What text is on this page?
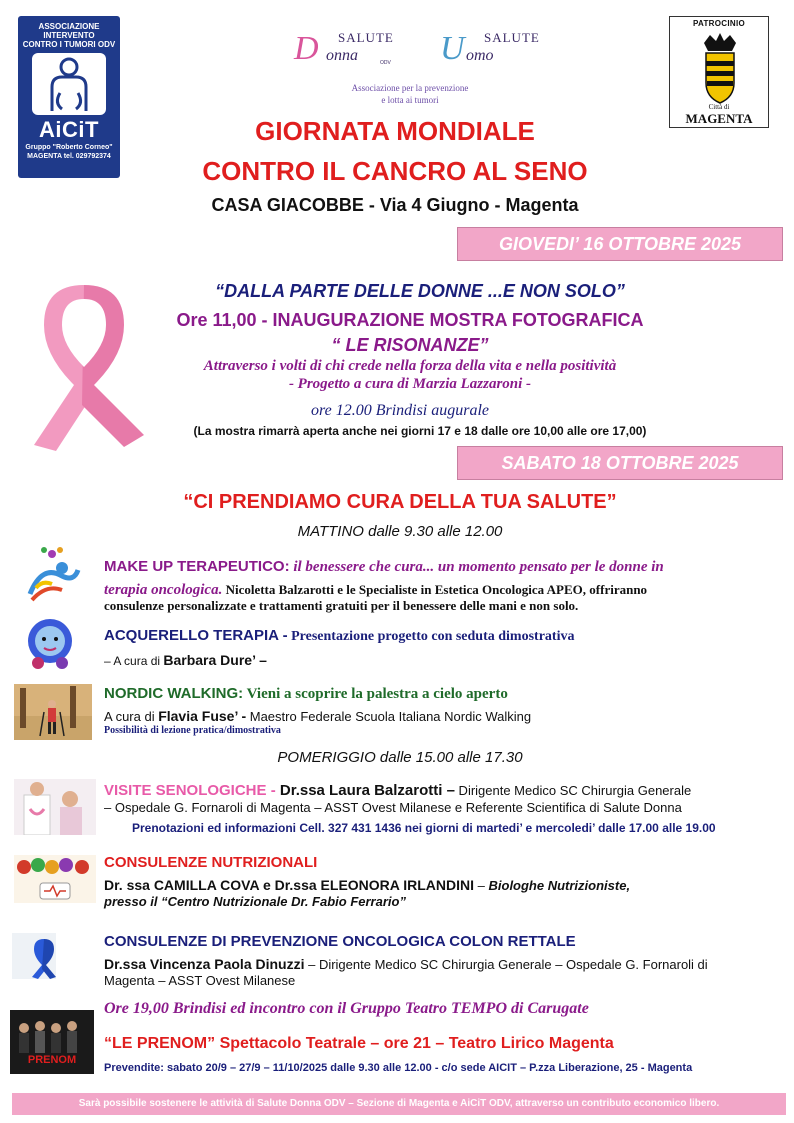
ASSOCIAZIONE INTERVENTO
CONTRO I TUMORI ODV
AiCiT
Gruppo "Roberto Corneo"
MAGENTA tel. 029792374
D SALUTE
onna	ODV U SALUTE
omo
Associazione per la prevenzione
e lotta ai tumori
PATROCINIO
Città di
MAGENTA
GIORNATA MONDIALE
CONTRO IL CANCRO AL SENO
CASA GIACOBBE - Via 4 Giugno - Magenta
GIOVEDI’ 16 OTTOBRE 2025
“DALLA PARTE DELLE DONNE ...E NON SOLO”
Ore 11,00 - INAUGURAZIONE MOSTRA FOTOGRAFICA
“ LE RISONANZE”
Attraverso i volti di chi crede nella forza della vita e nella positività
- Progetto a cura di Marzia Lazzaroni -
ore 12.00 Brindisi augurale
(La mostra rimarrà aperta anche nei giorni 17 e 18 dalle ore 10,00 alle ore 17,00)
SABATO 18 OTTOBRE 2025
“CI PRENDIAMO CURA DELLA TUA SALUTE”
MATTINO dalle 9.30 alle 12.00
MAKE UP TERAPEUTICO: il benessere che cura... un momento pensato per le donne in
terapia oncologica. Nicoletta Balzarotti e le Specialiste in Estetica Oncologica APEO, offriranno
consulenze personalizzate e trattamenti gratuiti per il benessere delle mani e non solo.
ACQUERELLO TERAPIA - Presentazione progetto con seduta dimostrativa
– A cura di Barbara Dure’ –
NORDIC WALKING: Vieni a scoprire la palestra a cielo aperto
A cura di Flavia Fuse’ - Maestro Federale Scuola Italiana Nordic Walking
Possibilità di lezione pratica/dimostrativa
POMERIGGIO dalle 15.00 alle 17.30
VISITE SENOLOGICHE - Dr.ssa Laura Balzarotti – Dirigente Medico SC Chirurgia Generale
– Ospedale G. Fornaroli di Magenta – ASST Ovest Milanese e Referente Scientifica di Salute Donna
Prenotazioni ed informazioni Cell. 327 431 1436 nei giorni di martedi’ e mercoledi’ dalle 17.00 alle 19.00
CONSULENZE NUTRIZIONALI
Dr. ssa CAMILLA COVA e Dr.ssa ELEONORA IRLANDINI – Biologhe Nutrizioniste,
presso il “Centro Nutrizionale Dr. Fabio Ferrario”
CONSULENZE DI PREVENZIONE ONCOLOGICA COLON RETTALE
Dr.ssa Vincenza Paola Dinuzzi – Dirigente Medico SC Chirurgia Generale – Ospedale G. Fornaroli di
Magenta – ASST Ovest Milanese
Ore 19,00 Brindisi ed incontro con il Gruppo Teatro TEMPO di Carugate
PRENOM
“LE PRENOM” Spettacolo Teatrale – ore 21 – Teatro Lirico Magenta
Prevendite: sabato 20/9 – 27/9 – 11/10/2025 dalle 9.30 alle 12.00 - c/o sede AICIT – P.zza Liberazione, 25 - Magenta
Sarà possibile sostenere le attività di Salute Donna ODV – Sezione di Magenta e AiCiT ODV, attraverso un contributo economico libero.
